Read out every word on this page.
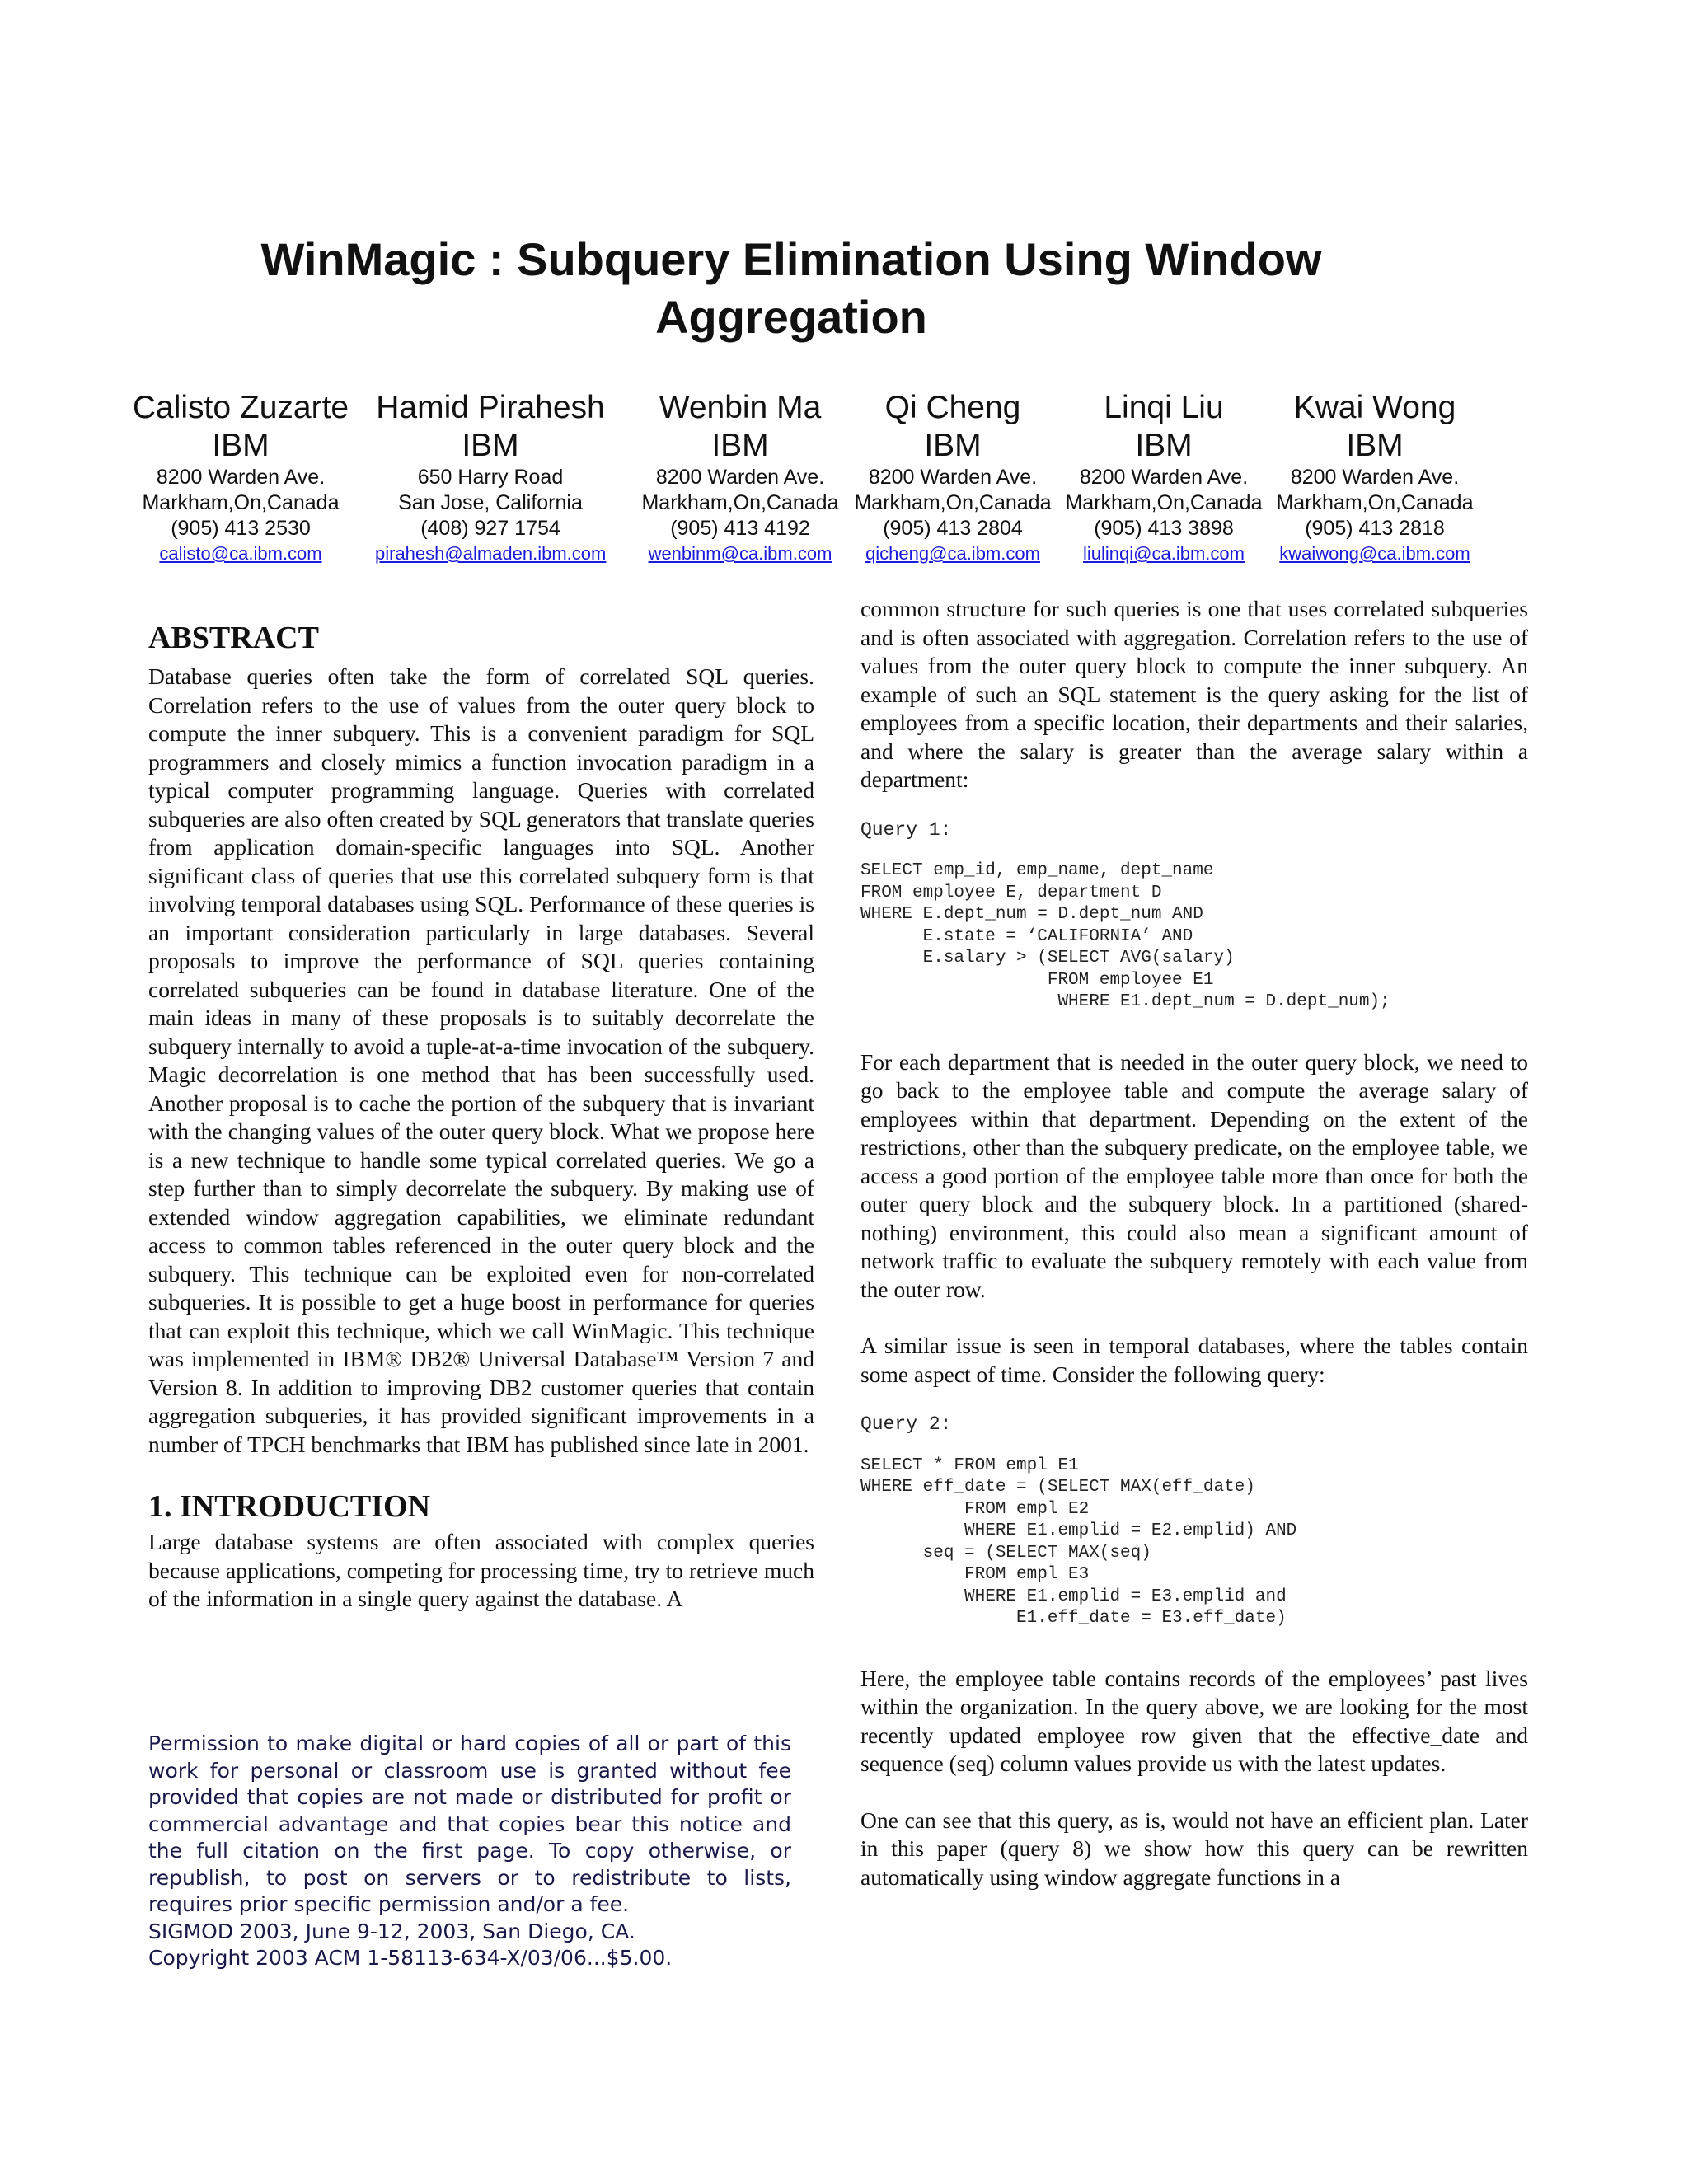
WinMagic : Subquery Elimination Using Window
Aggregation
Calisto Zuzarte
IBM
8200 Warden Ave.
Markham,On,Canada
(905) 413 2530
calisto@ca.ibm.com
Hamid Pirahesh
IBM
650 Harry Road
San Jose, California
(408) 927 1754
pirahesh@almaden.ibm.com
Wenbin Ma
IBM
8200 Warden Ave.
Markham,On,Canada
(905) 413 4192
wenbinm@ca.ibm.com
Qi Cheng
IBM
8200 Warden Ave.
Markham,On,Canada
(905) 413 2804
qicheng@ca.ibm.com
Linqi Liu
IBM
8200 Warden Ave.
Markham,On,Canada
(905) 413 3898
liulinqi@ca.ibm.com
Kwai Wong
IBM
8200 Warden Ave.
Markham,On,Canada
(905) 413 2818
kwaiwong@ca.ibm.com
ABSTRACT

Database queries often take the form of correlated SQL queries. Correlation refers to the use of values from the outer query block to compute the inner subquery. This is a convenient paradigm for SQL programmers and closely mimics a function invocation paradigm in a typical computer programming language. Queries with correlated subqueries are also often created by SQL generators that translate queries from application domain-specific languages into SQL. Another significant class of queries that use this correlated subquery form is that involving temporal databases using SQL. Performance of these queries is an important consideration particularly in large databases. Several proposals to improve the performance of SQL queries containing correlated subqueries can be found in database literature. One of the main ideas in many of these proposals is to suitably decorrelate the subquery internally to avoid a tuple-at-a-time invocation of the subquery. Magic decorrelation is one method that has been successfully used. Another proposal is to cache the portion of the subquery that is invariant with the changing values of the outer query block. What we propose here is a new technique to handle some typical correlated queries. We go a step further than to simply decorrelate the subquery. By making use of extended window aggregation capabilities, we eliminate redundant access to common tables referenced in the outer query block and the subquery. This technique can be exploited even for non-correlated subqueries. It is possible to get a huge boost in performance for queries that can exploit this technique, which we call WinMagic. This technique was implemented in IBM® DB2® Universal Database™ Version 7 and Version 8. In addition to improving DB2 customer queries that contain aggregation subqueries, it has provided significant improvements in a number of TPCH benchmarks that IBM has published since late in 2001.

1. INTRODUCTION

Large database systems are often associated with complex queries because applications, competing for processing time, try to retrieve much of the information in a single query against the database. A

Permission to make digital or hard copies of all or part of this work for personal or classroom use is granted without fee provided that copies are not made or distributed for profit or commercial advantage and that copies bear this notice and the full citation on the first page. To copy otherwise, or republish, to post on servers or to redistribute to lists, requires prior specific permission and/or a fee.

SIGMOD 2003, June 9-12, 2003, San Diego, CA.
Copyright 2003 ACM 1-58113-634-X/03/06...$5.00.

common structure for such queries is one that uses correlated subqueries and is often associated with aggregation. Correlation refers to the use of values from the outer query block to compute the inner subquery. An example of such an SQL statement is the query asking for the list of employees from a specific location, their departments and their salaries, and where the salary is greater than the average salary within a department:

Query 1:
SELECT emp_id, emp_name, dept_name
FROM employee E, department D
WHERE E.dept_num = D.dept_num AND
E.state = ‘CALIFORNIA’ AND
E.salary > (SELECT AVG(salary)
FROM employee E1
WHERE E1.dept_num = D.dept_num);

For each department that is needed in the outer query block, we need to go back to the employee table and compute the average salary of employees within that department. Depending on the extent of the restrictions, other than the subquery predicate, on the employee table, we access a good portion of the employee table more than once for both the outer query block and the subquery block. In a partitioned (shared-nothing) environment, this could also mean a significant amount of network traffic to evaluate the subquery remotely with each value from the outer row.

A similar issue is seen in temporal databases, where the tables contain some aspect of time. Consider the following query:

Query 2:
SELECT * FROM empl E1
WHERE eff_date = (SELECT MAX(eff_date)
FROM empl E2
WHERE E1.emplid = E2.emplid) AND
seq = (SELECT MAX(seq)
FROM empl E3
WHERE E1.emplid = E3.emplid and
E1.eff_date = E3.eff_date)

Here, the employee table contains records of the employees’ past lives within the organization. In the query above, we are looking for the most recently updated employee row given that the effective_date and sequence (seq) column values provide us with the latest updates.

One can see that this query, as is, would not have an efficient plan. Later in this paper (query 8) we show how this query can be rewritten automatically using window aggregate functions in a
